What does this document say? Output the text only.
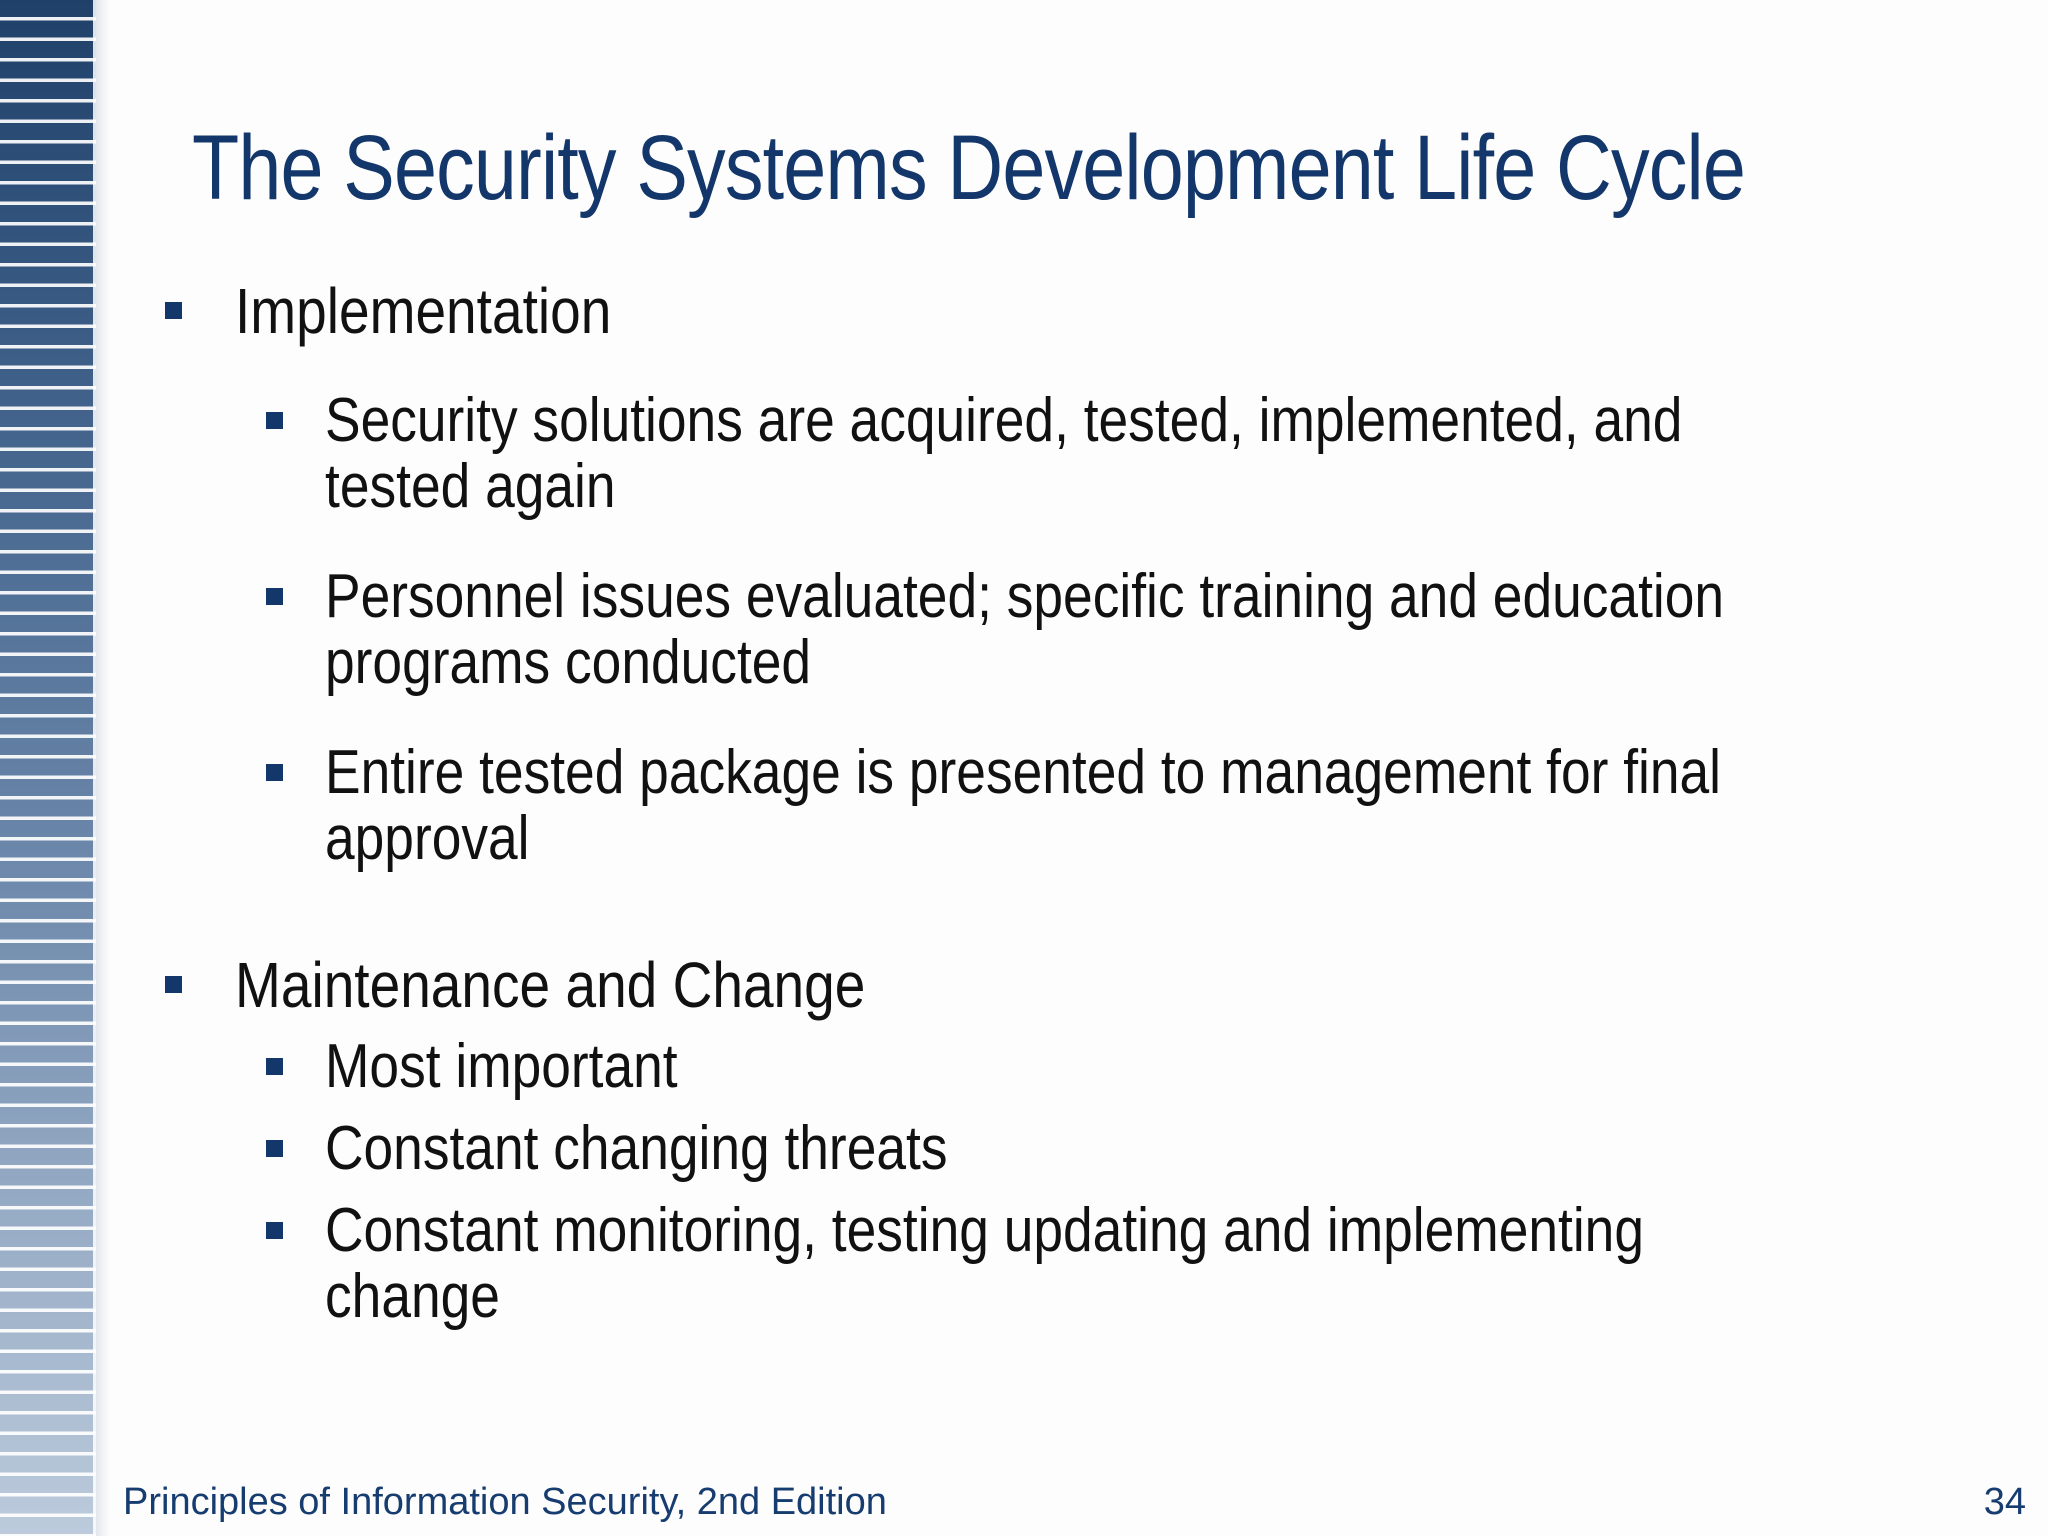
The Security Systems Development Life Cycle
Implementation
Security solutions are acquired, tested, implemented, and
tested again
Personnel issues evaluated; specific training and education
programs conducted
Entire tested package is presented to management for final
approval
Maintenance and Change
Most important
Constant changing threats
Constant monitoring, testing updating and implementing
change
Principles of Information Security, 2nd Edition	34
